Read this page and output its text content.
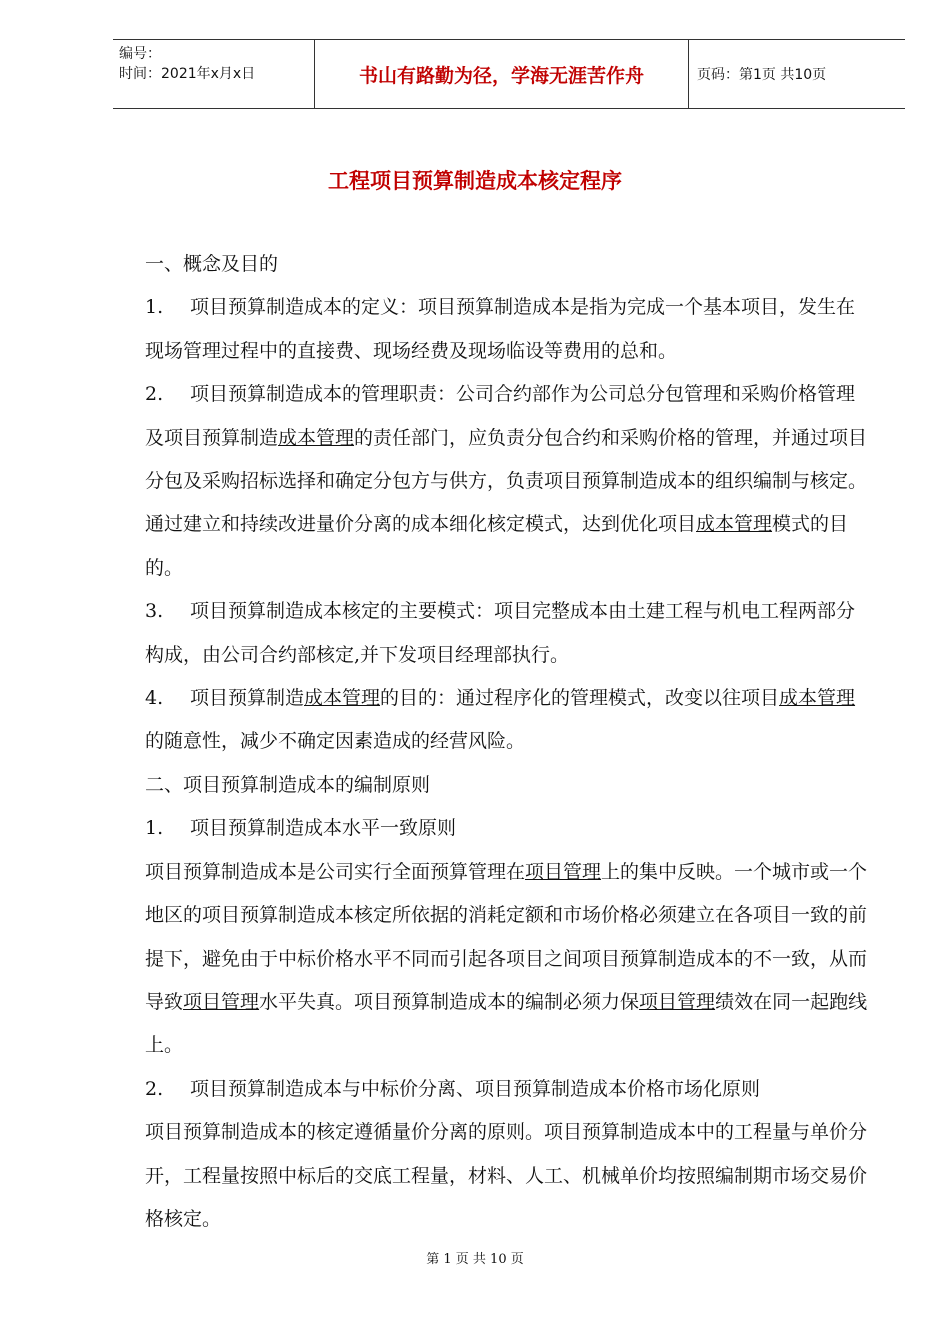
编号：
时间：2021年x月x日	书山有路勤为径，学海无涯苦作舟	页码：第1页 共10页
工程项目预算制造成本核定程序

一、概念及目的

1. 项目预算制造成本的定义：项目预算制造成本是指为完成一个基本项目，发生在现场管理过程中的直接费、现场经费及现场临设等费用的总和。

2. 项目预算制造成本的管理职责：公司合约部作为公司总分包管理和采购价格管理及项目预算制造成本管理的责任部门，应负责分包合约和采购价格的管理，并通过项目分包及采购招标选择和确定分包方与供方，负责项目预算制造成本的组织编制与核定。通过建立和持续改进量价分离的成本细化核定模式，达到优化项目成本管理模式的目的。

3. 项目预算制造成本核定的主要模式：项目完整成本由土建工程与机电工程两部分构成，由公司合约部核定,并下发项目经理部执行。

4. 项目预算制造成本管理的目的：通过程序化的管理模式，改变以往项目成本管理的随意性，减少不确定因素造成的经营风险。

二、项目预算制造成本的编制原则

1. 项目预算制造成本水平一致原则

项目预算制造成本是公司实行全面预算管理在项目管理上的集中反映。一个城市或一个地区的项目预算制造成本核定所依据的消耗定额和市场价格必须建立在各项目一致的前提下，避免由于中标价格水平不同而引起各项目之间项目预算制造成本的不一致，从而导致项目管理水平失真。项目预算制造成本的编制必须力保项目管理绩效在同一起跑线上。

2. 项目预算制造成本与中标价分离、项目预算制造成本价格市场化原则

项目预算制造成本的核定遵循量价分离的原则。项目预算制造成本中的工程量与单价分开，工程量按照中标后的交底工程量，材料、人工、机械单价均按照编制期市场交易价格核定。

第 1 页 共 10 页
